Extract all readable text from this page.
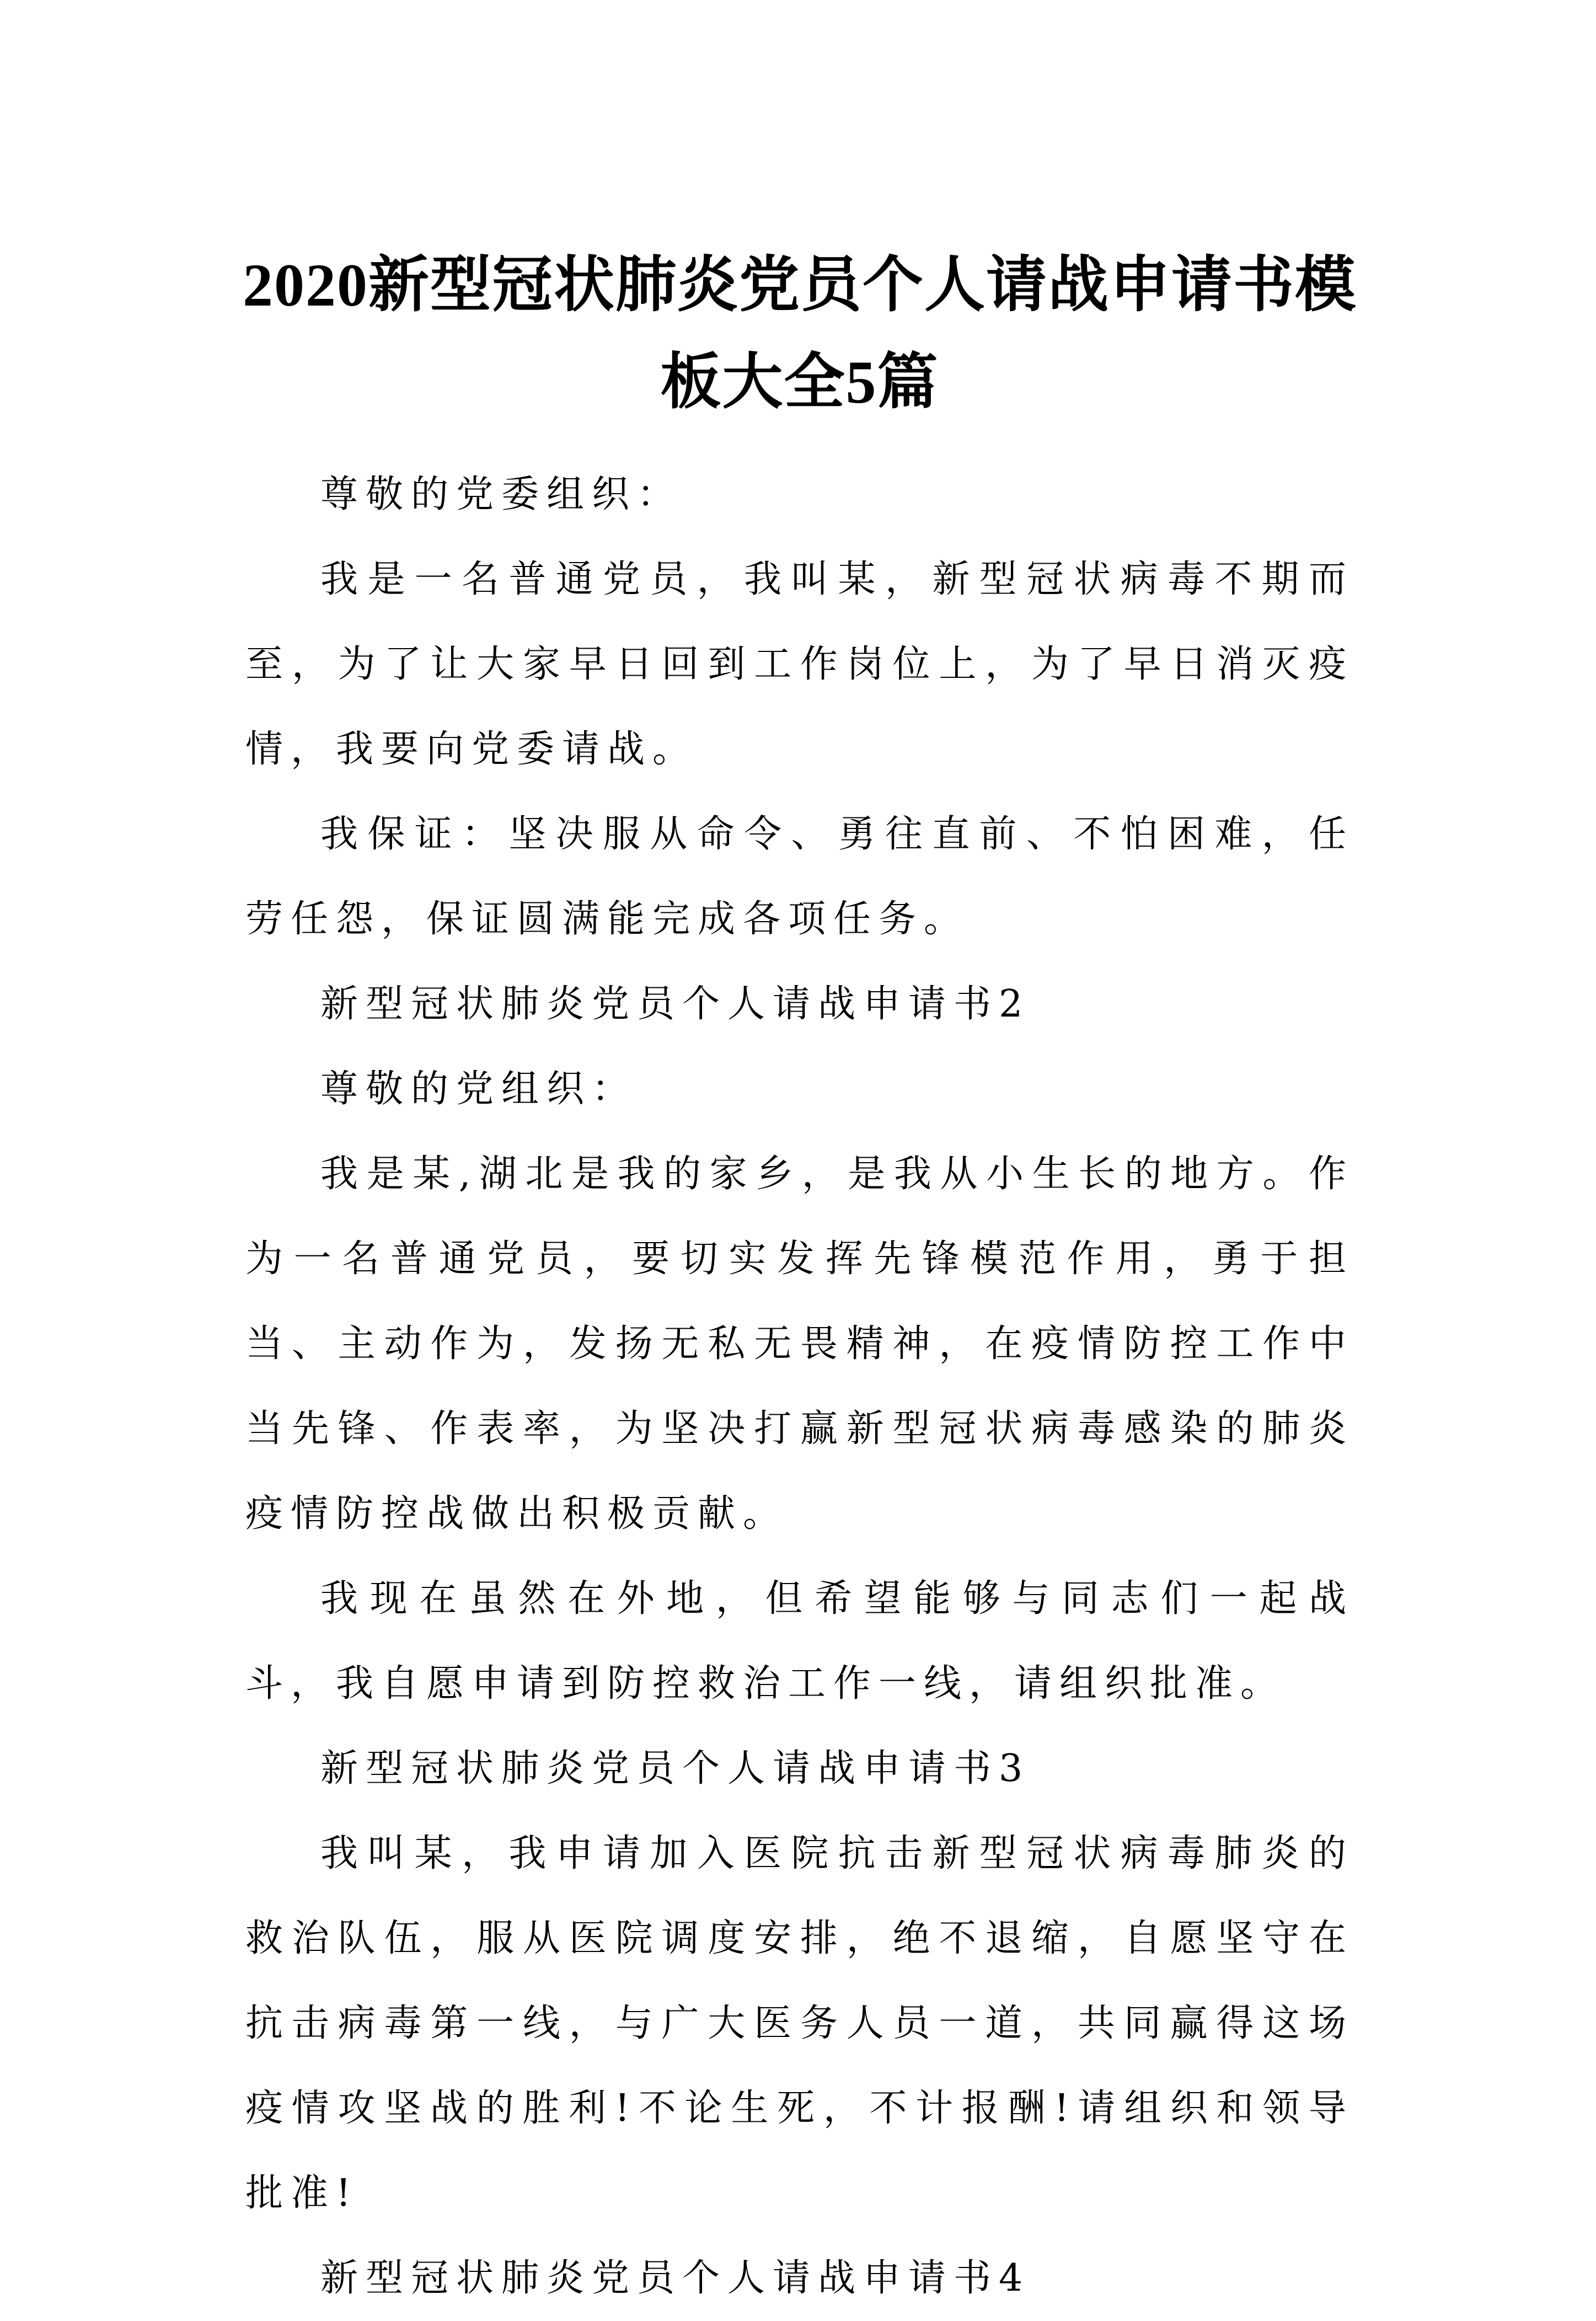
2020新型冠状肺炎党员个人请战申请书模
板大全5篇

尊敬的党委组织：

我是一名普通党员，我叫某，新型冠状病毒不期而至，为了让大家早日回到工作岗位上，为了早日消灭疫情，我要向党委请战。

我保证：坚决服从命令、勇往直前、不怕困难，任劳任怨，保证圆满能完成各项任务。

新型冠状肺炎党员个人请战申请书2

尊敬的党组织：

我是某,湖北是我的家乡，是我从小生长的地方。作为一名普通党员，要切实发挥先锋模范作用，勇于担当、主动作为，发扬无私无畏精神，在疫情防控工作中当先锋、作表率，为坚决打赢新型冠状病毒感染的肺炎疫情防控战做出积极贡献。

我现在虽然在外地，但希望能够与同志们一起战斗，我自愿申请到防控救治工作一线，请组织批准。

新型冠状肺炎党员个人请战申请书3

我叫某，我申请加入医院抗击新型冠状病毒肺炎的救治队伍，服从医院调度安排，绝不退缩，自愿坚守在抗击病毒第一线，与广大医务人员一道，共同赢得这场疫情攻坚战的胜利!不论生死，不计报酬!请组织和领导批准!

新型冠状肺炎党员个人请战申请书4
